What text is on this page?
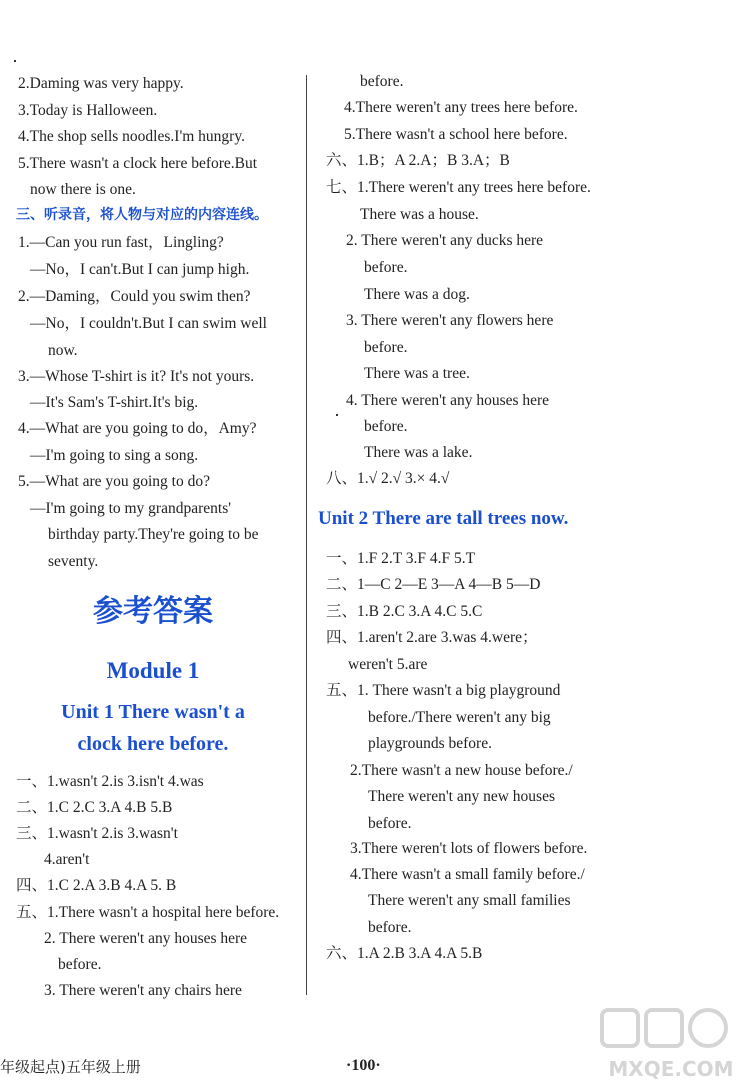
2.Daming was very happy.
3.Today is Halloween.
4.The shop sells noodles.I'm hungry.
5.There wasn't a clock here before.But
now there is one.
三、听录音，将人物与对应的内容连线。
1.—Can you run fast，Lingling?
—No，I can't.But I can jump high.
2.—Daming，Could you swim then?
—No，I couldn't.But I can swim well
now.
3.—Whose T-shirt is it? It's not yours.
—It's Sam's T-shirt.It's big.
4.—What are you going to do，Amy?
—I'm going to sing a song.
5.—What are you going to do?
—I'm going to my grandparents'
birthday party.They're going to be
seventy.
参考答案
Module 1
Unit 1 There wasn't a
clock here before.
一、1.wasn't 2.is 3.isn't 4.was
二、1.C 2.C 3.A 4.B 5.B
三、1.wasn't 2.is 3.wasn't
4.aren't
四、1.C 2.A 3.B 4.A 5. B
五、1.There wasn't a hospital here before.
2. There weren't any houses here
before.
3. There weren't any chairs here
before.
4.There weren't any trees here before.
5.There wasn't a school here before.
六、1.B；A 2.A；B 3.A；B
七、1.There weren't any trees here before.
There was a house.
2. There weren't any ducks here
before.
There was a dog.
3. There weren't any flowers here
before.
There was a tree.
4. There weren't any houses here
before.
There was a lake.
八、1.√ 2.√ 3.× 4.√
Unit 2 There are tall trees now.
一、1.F 2.T 3.F 4.F 5.T
二、1—C 2—E 3—A 4—B 5—D
三、1.B 2.C 3.A 4.C 5.C
四、1.aren't 2.are 3.was 4.were；
weren't 5.are
五、1. There wasn't a big playground
before./There weren't any big
playgrounds before.
2.There wasn't a new house before./
There weren't any new houses
before.
3.There weren't lots of flowers before.
4.There wasn't a small family before./
There weren't any small families
before.
六、1.A 2.B 3.A 4.A 5.B
年级起点)五年级上册	·100·	MXQE.COM
